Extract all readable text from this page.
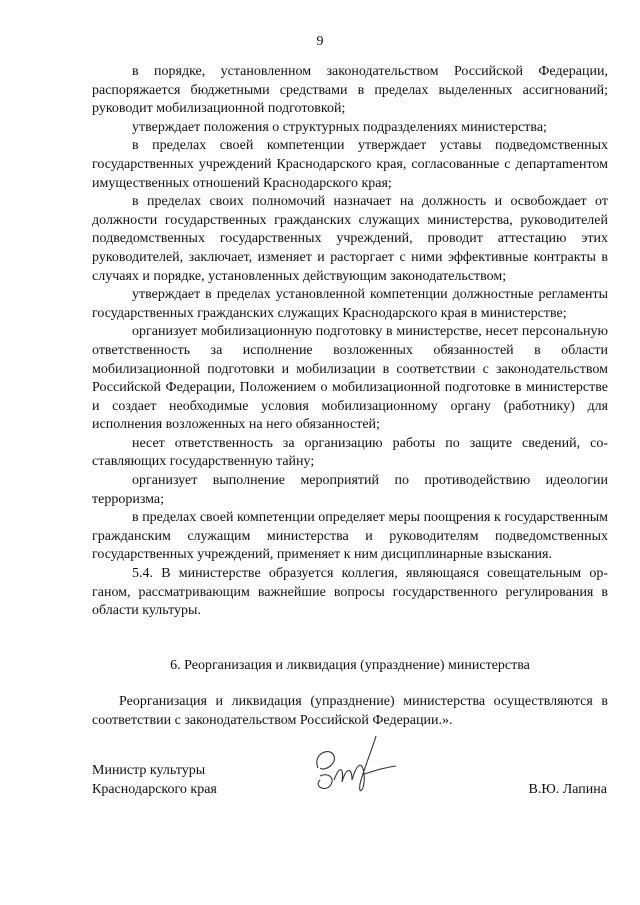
9

в порядке, установленном законодательством Российской Федерации, распоряжается бюджетными средствами в пределах выделенных ассигнований; руководит мобилизационной подготовкой;

утверждает положения о структурных подразделениях министерства;

в пределах своей компетенции утверждает уставы подведомственных государственных учреждений Краснодарского края, согласованные с департаmентом имущественных отношений Краснодарского края;

в пределах своих полномочий назначает на должность и освобождает от должности государственных гражданских служащих министерства, руководителей подведомственных государственных учреждений, проводит аттестацию этих руководителей, заключает, изменяет и расторгает с ними эффективные контракты в случаях и порядке, установленных действующим законодательством;

утверждает в пределах установленной компетенции должностные регламенты государственных гражданских служащих Краснодарского края в министерстве;

организует мобилизационную подготовку в министерстве, несет персональную ответственность за исполнение возложенных обязанностей в области мобилизационной подготовки и мобилизации в соответствии с законодательством Российской Федерации, Положением о мобилизационной подготовке в министерстве и создает необходимые условия мобилизационному органу (работнику) для исполнения возложенных на него обязанностей;

несет ответственность за организацию работы по защите сведений, составляющих государственную тайну;

организует выполнение мероприятий по противодействию идеологии терроризма;

в пределах своей компетенции определяет меры поощрения к государственным гражданским служащим министерства и руководителям подведомственных государственных учреждений, применяет к ним дисциплинарные взыскания.

5.4. В министерстве образуется коллегия, являющаяся совещательным органом, рассматривающим важнейшие вопросы государственного регулирования в области культуры.

6. Реорганизация и ликвидация (упразднение) министерства

Реорганизация и ликвидация (упразднение) министерства осуществляются в соответствии с законодательством Российской Федерации.».

Министр культуры
Краснодарского края	В.Ю. Лапина
